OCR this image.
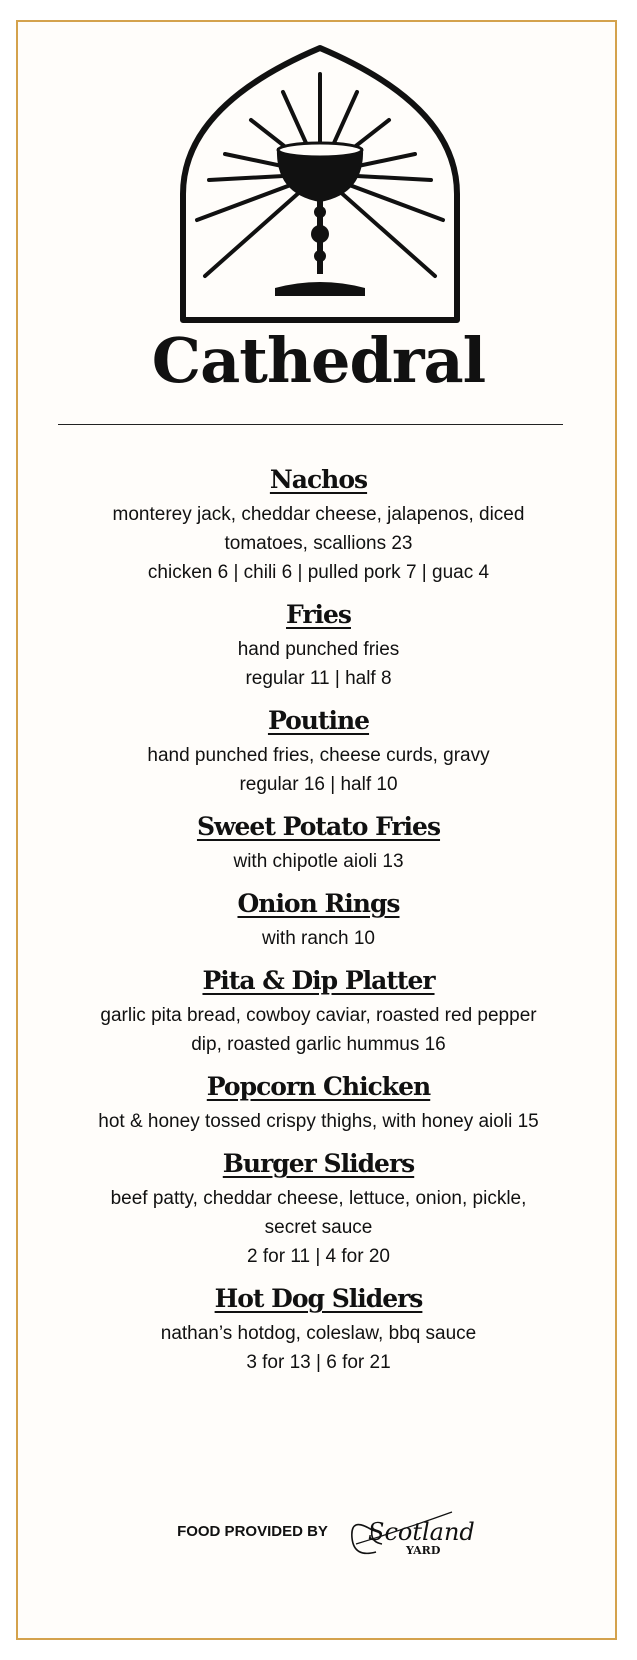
Cathedral
Nachos

monterey jack, cheddar cheese, jalapenos, diced

tomatoes, scallions 23

chicken 6 | chili 6 | pulled pork 7 | guac 4

Fries

hand punched fries

regular 11 | half 8

Poutine

hand punched fries, cheese curds, gravy

regular 16 | half 10

Sweet Potato Fries

with chipotle aioli 13

Onion Rings

with ranch 10

Pita & Dip Platter

garlic pita bread, cowboy caviar, roasted red pepper

dip, roasted garlic hummus 16

Popcorn Chicken

hot & honey tossed crispy thighs, with honey aioli 15

Burger Sliders

beef patty, cheddar cheese, lettuce, onion, pickle,

secret sauce

2 for 11 | 4 for 20

Hot Dog Sliders

nathan’s hotdog, coleslaw, bbq sauce

3 for 13 | 6 for 21

FOOD PROVIDED BY Scotland
YARD
